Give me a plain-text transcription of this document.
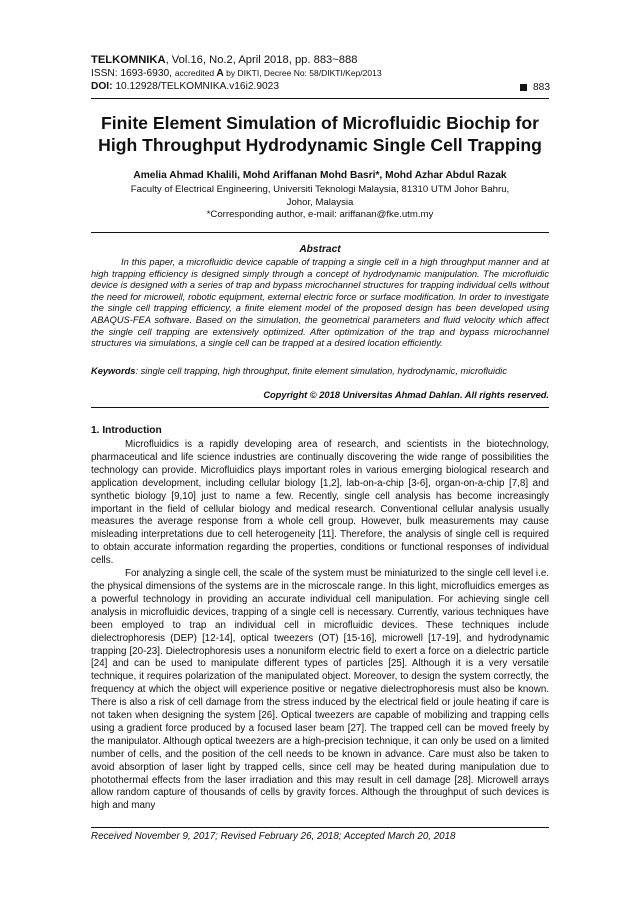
TELKOMNIKA, Vol.16, No.2, April 2018, pp. 883~888
ISSN: 1693-6930, accredited A by DIKTI, Decree No: 58/DIKTI/Kep/2013
DOI: 10.12928/TELKOMNIKA.v16i2.9023	883
Finite Element Simulation of Microfluidic Biochip for
High Throughput Hydrodynamic Single Cell Trapping
Amelia Ahmad Khalili, Mohd Ariffanan Mohd Basri*, Mohd Azhar Abdul Razak
Faculty of Electrical Engineering, Universiti Teknologi Malaysia, 81310 UTM Johor Bahru,
Johor, Malaysia
*Corresponding author, e-mail: ariffanan@fke.utm.my
Abstract
In this paper, a microfluidic device capable of trapping a single cell in a high throughput manner and at high trapping efficiency is designed simply through a concept of hydrodynamic manipulation. The microfluidic device is designed with a series of trap and bypass microchannel structures for trapping individual cells without the need for microwell, robotic equipment, external electric force or surface modification. In order to investigate the single cell trapping efficiency, a finite element model of the proposed design has been developed using ABAQUS-FEA software. Based on the simulation, the geometrical parameters and fluid velocity which affect the single cell trapping are extensively optimized. After optimization of the trap and bypass microchannel structures via simulations, a single cell can be trapped at a desired location efficiently.
Keywords: single cell trapping, high throughput, finite element simulation, hydrodynamic, microfluidic
Copyright © 2018 Universitas Ahmad Dahlan. All rights reserved.
1. Introduction

Microfluidics is a rapidly developing area of research, and scientists in the biotechnology, pharmaceutical and life science industries are continually discovering the wide range of possibilities the technology can provide. Microfluidics plays important roles in various emerging biological research and application development, including cellular biology [1,2], lab-on-a-chip [3-6], organ-on-a-chip [7,8] and synthetic biology [9,10] just to name a few. Recently, single cell analysis has become increasingly important in the field of cellular biology and medical research. Conventional cellular analysis usually measures the average response from a whole cell group. However, bulk measurements may cause misleading interpretations due to cell heterogeneity [11]. Therefore, the analysis of single cell is required to obtain accurate information regarding the properties, conditions or functional responses of individual cells.

For analyzing a single cell, the scale of the system must be miniaturized to the single cell level i.e. the physical dimensions of the systems are in the microscale range. In this light, microfluidics emerges as a powerful technology in providing an accurate individual cell manipulation. For achieving single cell analysis in microfluidic devices, trapping of a single cell is necessary. Currently, various techniques have been employed to trap an individual cell in microfluidic devices. These techniques include dielectrophoresis (DEP) [12-14], optical tweezers (OT) [15-16], microwell [17-19], and hydrodynamic trapping [20-23]. Dielectrophoresis uses a nonuniform electric field to exert a force on a dielectric particle [24] and can be used to manipulate different types of particles [25]. Although it is a very versatile technique, it requires polarization of the manipulated object. Moreover, to design the system correctly, the frequency at which the object will experience positive or negative dielectrophoresis must also be known. There is also a risk of cell damage from the stress induced by the electrical field or joule heating if care is not taken when designing the system [26]. Optical tweezers are capable of mobilizing and trapping cells using a gradient force produced by a focused laser beam [27]. The trapped cell can be moved freely by the manipulator. Although optical tweezers are a high-precision technique, it can only be used on a limited number of cells, and the position of the cell needs to be known in advance. Care must also be taken to avoid absorption of laser light by trapped cells, since cell may be heated during manipulation due to photothermal effects from the laser irradiation and this may result in cell damage [28]. Microwell arrays allow random capture of thousands of cells by gravity forces. Although the throughput of such devices is high and many

Received November 9, 2017; Revised February 26, 2018; Accepted March 20, 2018
